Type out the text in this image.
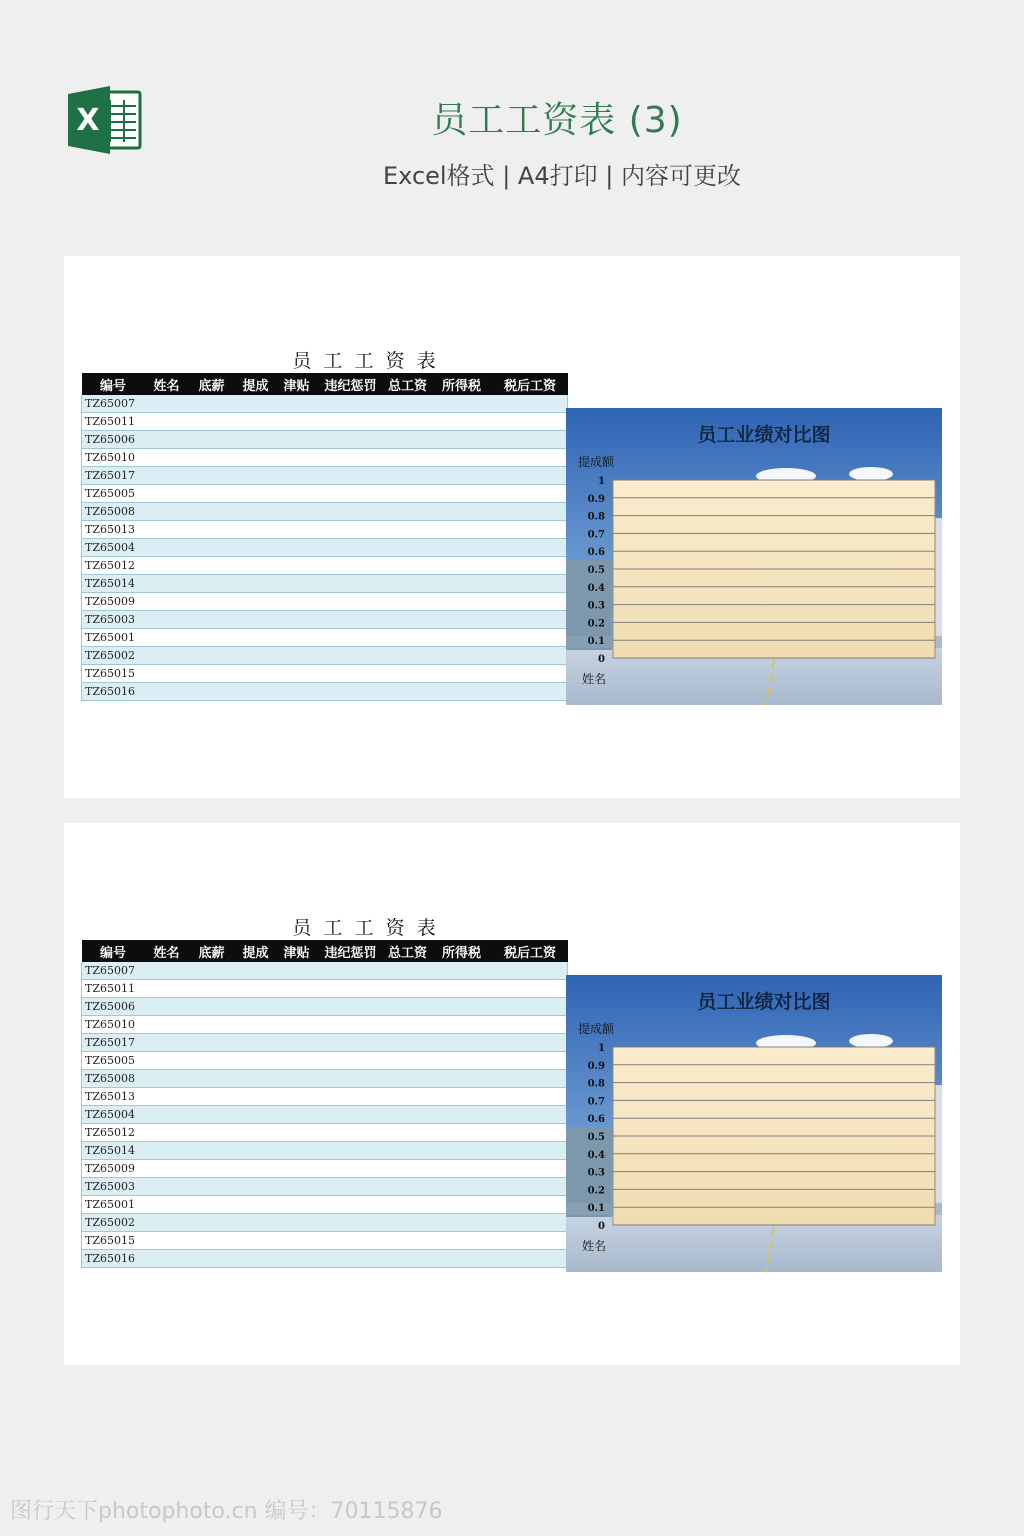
X	员工工资表 (3)
Excel格式 | A4打印 | 内容可更改
员  工  工  资  表
编号	姓名	底薪	提成	津贴	违纪惩罚	总工资	所得税	税后工资
TZ65007								
TZ65011								
TZ65006								
TZ65010								
TZ65017								
TZ65005								
TZ65008								
TZ65013								
TZ65004								
TZ65012								
TZ65014								
TZ65009								
TZ65003								
TZ65001								
TZ65002								
TZ65015								
TZ65016								
1
0.9
0.8
0.7
0.6
0.5
0.4
0.3
0.2
0.1
0
员工业绩对比图
提成额
姓名
员  工  工  资  表
编号	姓名	底薪	提成	津贴	违纪惩罚	总工资	所得税	税后工资
TZ65007								
TZ65011								
TZ65006								
TZ65010								
TZ65017								
TZ65005								
TZ65008								
TZ65013								
TZ65004								
TZ65012								
TZ65014								
TZ65009								
TZ65003								
TZ65001								
TZ65002								
TZ65015								
TZ65016								
1
0.9
0.8
0.7
0.6
0.5
0.4
0.3
0.2
0.1
0
员工业绩对比图
提成额
姓名
图行天下photophoto.cn 编号：70115876
